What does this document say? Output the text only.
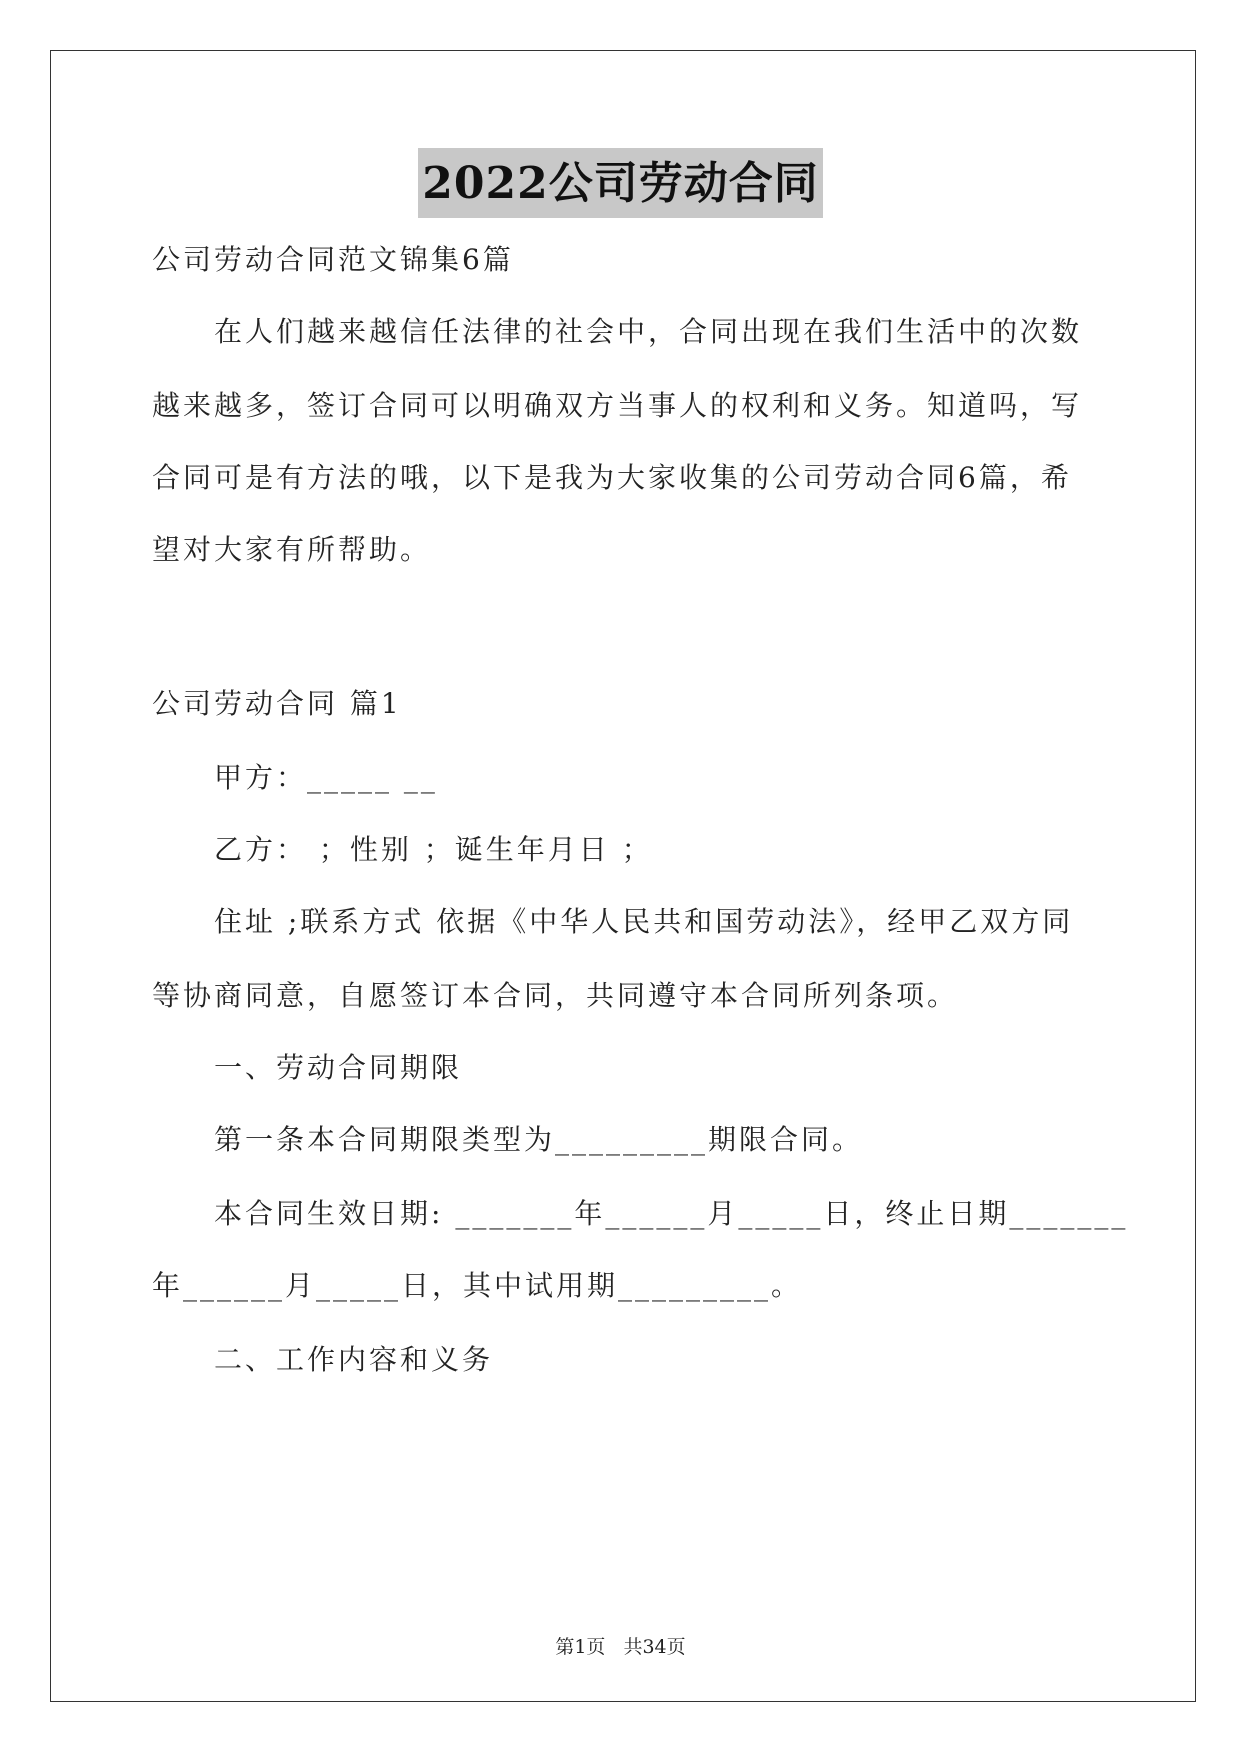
2022公司劳动合同
公司劳动合同范文锦集6篇
在人们越来越信任法律的社会中，合同出现在我们生活中的次数
越来越多，签订合同可以明确双方当事人的权利和义务。知道吗，写
合同可是有方法的哦，以下是我为大家收集的公司劳动合同6篇，希
望对大家有所帮助。
公司劳动合同 篇1
甲方：_____ __
乙方： ；性别 ；诞生年月日 ；
住址 ;联系方式 依据《中华人民共和国劳动法》，经甲乙双方同
等协商同意，自愿签订本合同，共同遵守本合同所列条项。
一、劳动合同期限
第一条本合同期限类型为_________期限合同。
本合同生效日期: _______年______月_____日，终止日期_______
年______月_____日，其中试用期_________。
二、工作内容和义务
第1页 共34页
